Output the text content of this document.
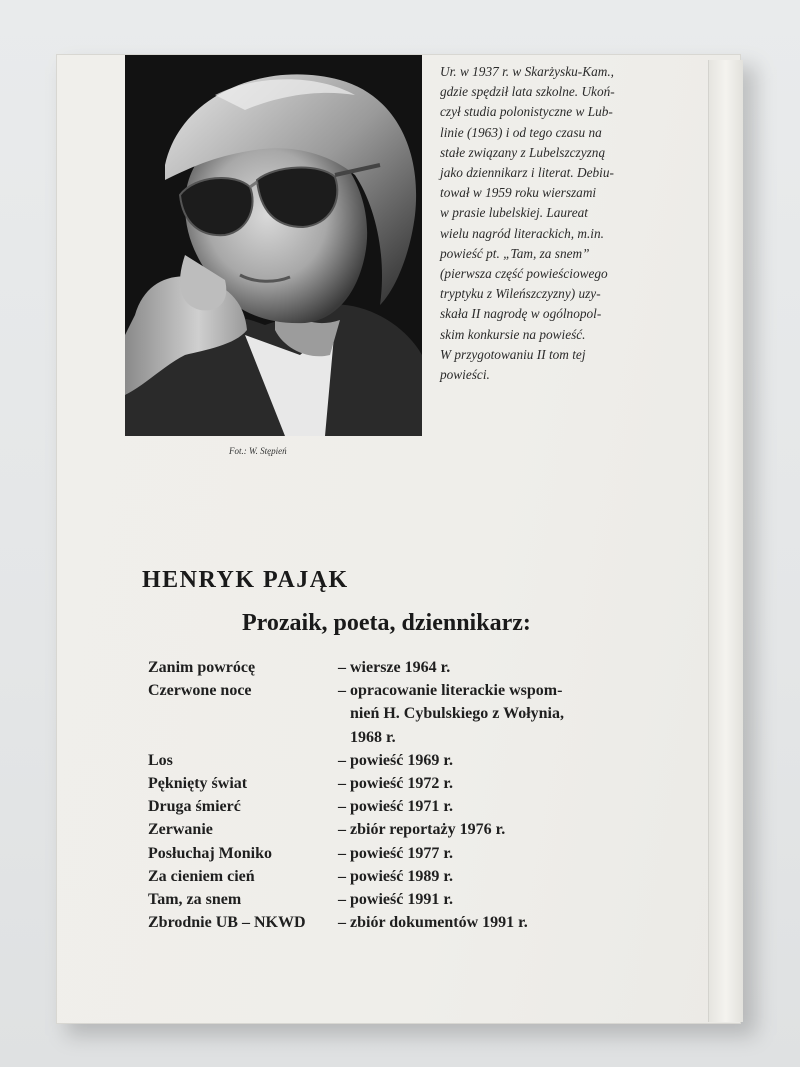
Fot.: W. Stępień
Ur. w 1937 r. w Skarżysku-Kam.,
gdzie spędził lata szkolne. Ukoń-
czył studia polonistyczne w Lub-
linie (1963) i od tego czasu na
stałe związany z Lubelszczyzną
jako dziennikarz i literat. Debiu-
tował w 1959 roku wierszami
w prasie lubelskiej. Laureat
wielu nagród literackich, m.in.
powieść pt. „Tam, za snem”
(pierwsza część powieściowego
tryptyku z Wileńszczyzny) uzy-
skała II nagrodę w ogólnopol-
skim konkursie na powieść.
W przygotowaniu II tom tej
powieści.
HENRYK PAJĄK
Prozaik, poeta, dziennikarz:
Zanim powrócę	– wiersze 1964 r.
Czerwone noce	– opracowanie literackie wspom-
nień H. Cybulskiego z Wołynia,
1968 r.
Los	– powieść 1969 r.
Pęknięty świat	– powieść 1972 r.
Druga śmierć	– powieść 1971 r.
Zerwanie	– zbiór reportaży 1976 r.
Posłuchaj Moniko	– powieść 1977 r.
Za cieniem cień	– powieść 1989 r.
Tam, za snem	– powieść 1991 r.
Zbrodnie UB – NKWD	– zbiór dokumentów 1991 r.
